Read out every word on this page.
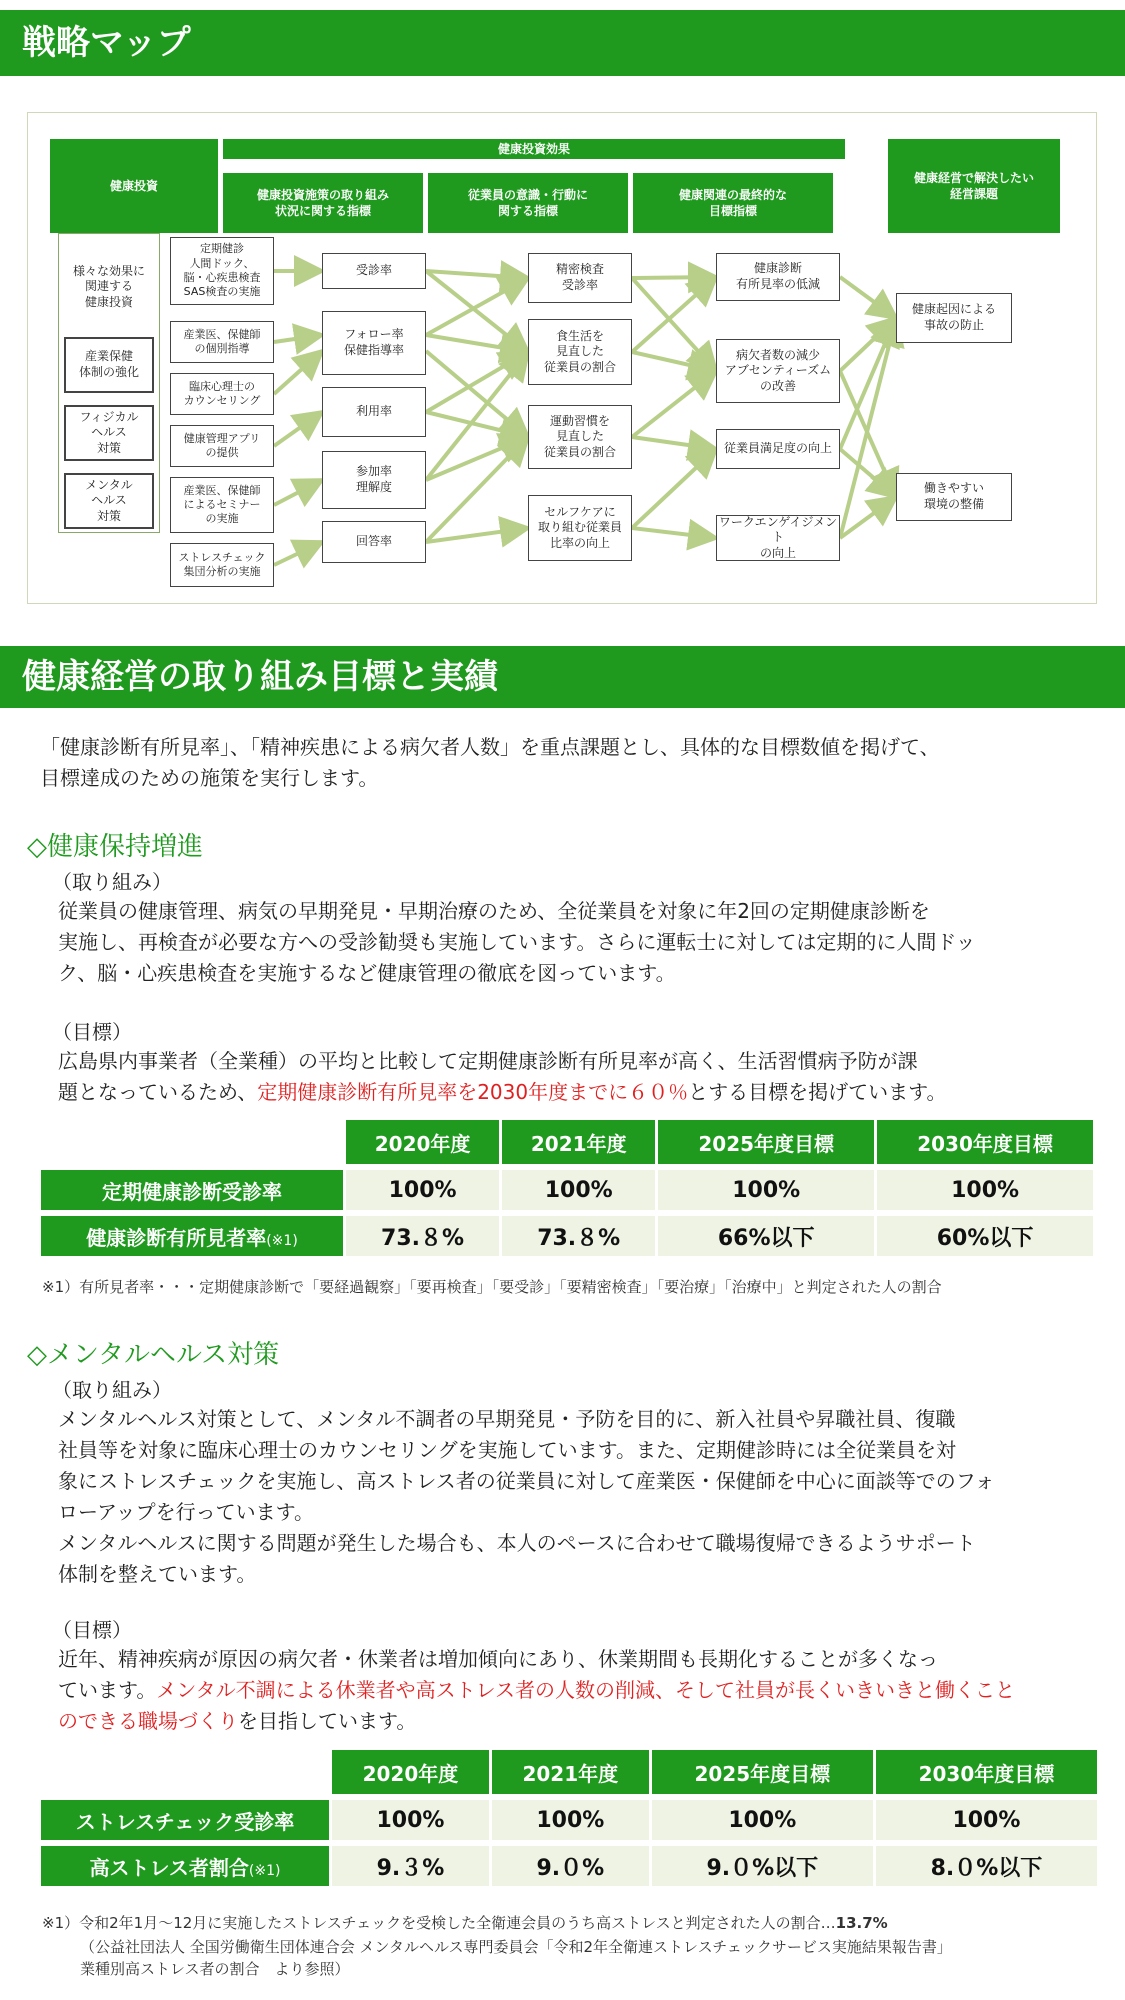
戦略マップ
健康投資
健康投資効果
健康投資施策の取り組み
状況に関する指標
従業員の意識・行動に
関する指標
健康関連の最終的な
目標指標
健康経営で解決したい
経営課題
様々な効果に
関連する
健康投資
産業保健
体制の強化
フィジカル
ヘルス
対策
メンタル
ヘルス
対策
定期健診
人間ドック、
脳・心疾患検査
SAS検査の実施
産業医、保健師
の個別指導
臨床心理士の
カウンセリング
健康管理アプリ
の提供
産業医、保健師
によるセミナー
の実施
ストレスチェック
集団分析の実施
受診率
フォロー率
保健指導率
利用率
参加率
理解度
回答率
精密検査
受診率
食生活を
見直した
従業員の割合
運動習慣を
見直した
従業員の割合
セルフケアに
取り組む従業員
比率の向上
健康診断
有所見率の低減
病欠者数の減少
アブセンティーズム
の改善
従業員満足度の向上
ワークエンゲイジメント
の向上
健康起因による
事故の防止
働きやすい
環境の整備
健康経営の取り組み目標と実績
「健康診断有所見率」、「精神疾患による病欠者人数」を重点課題とし、具体的な目標数値を掲げて、
目標達成のための施策を実行します。
◇健康保持増進
（取り組み）
従業員の健康管理、病気の早期発見・早期治療のため、全従業員を対象に年2回の定期健康診断を
実施し、再検査が必要な方への受診勧奨も実施しています。さらに運転士に対しては定期的に人間ドッ
ク、脳・心疾患検査を実施するなど健康管理の徹底を図っています。
（目標）
広島県内事業者（全業種）の平均と比較して定期健康診断有所見率が高く、生活習慣病予防が課
題となっているため、定期健康診断有所見率を2030年度までに６０％とする目標を掲げています。
	2020年度	2021年度	2025年度目標	2030年度目標
定期健康診断受診率	100%	100%	100%	100%
健康診断有所見者率(※1)	73.８%	73.８%	66%以下	60%以下
※1）有所見者率・・・定期健康診断で「要経過観察」「要再検査」「要受診」「要精密検査」「要治療」「治療中」と判定された人の割合
◇メンタルヘルス対策
（取り組み）
メンタルヘルス対策として、メンタル不調者の早期発見・予防を目的に、新入社員や昇職社員、復職
社員等を対象に臨床心理士のカウンセリングを実施しています。また、定期健診時には全従業員を対
象にストレスチェックを実施し、高ストレス者の従業員に対して産業医・保健師を中心に面談等でのフォ
ローアップを行っています。
メンタルヘルスに関する問題が発生した場合も、本人のペースに合わせて職場復帰できるようサポート
体制を整えています。
（目標）
近年、精神疾病が原因の病欠者・休業者は増加傾向にあり、休業期間も長期化することが多くなっ
ています。メンタル不調による休業者や高ストレス者の人数の削減、そして社員が長くいきいきと働くこと
のできる職場づくりを目指しています。
	2020年度	2021年度	2025年度目標	2030年度目標
ストレスチェック受診率	100%	100%	100%	100%
高ストレス者割合(※1)	9.３%	9.０%	9.０%以下	8.０%以下
※1）令和2年1月～12月に実施したストレスチェックを受検した全衛連会員のうち高ストレスと判定された人の割合…13.7%
（公益社団法人 全国労働衛生団体連合会 メンタルヘルス専門委員会「令和2年全衛連ストレスチェックサービス実施結果報告書」
業種別高ストレス者の割合　より参照）
